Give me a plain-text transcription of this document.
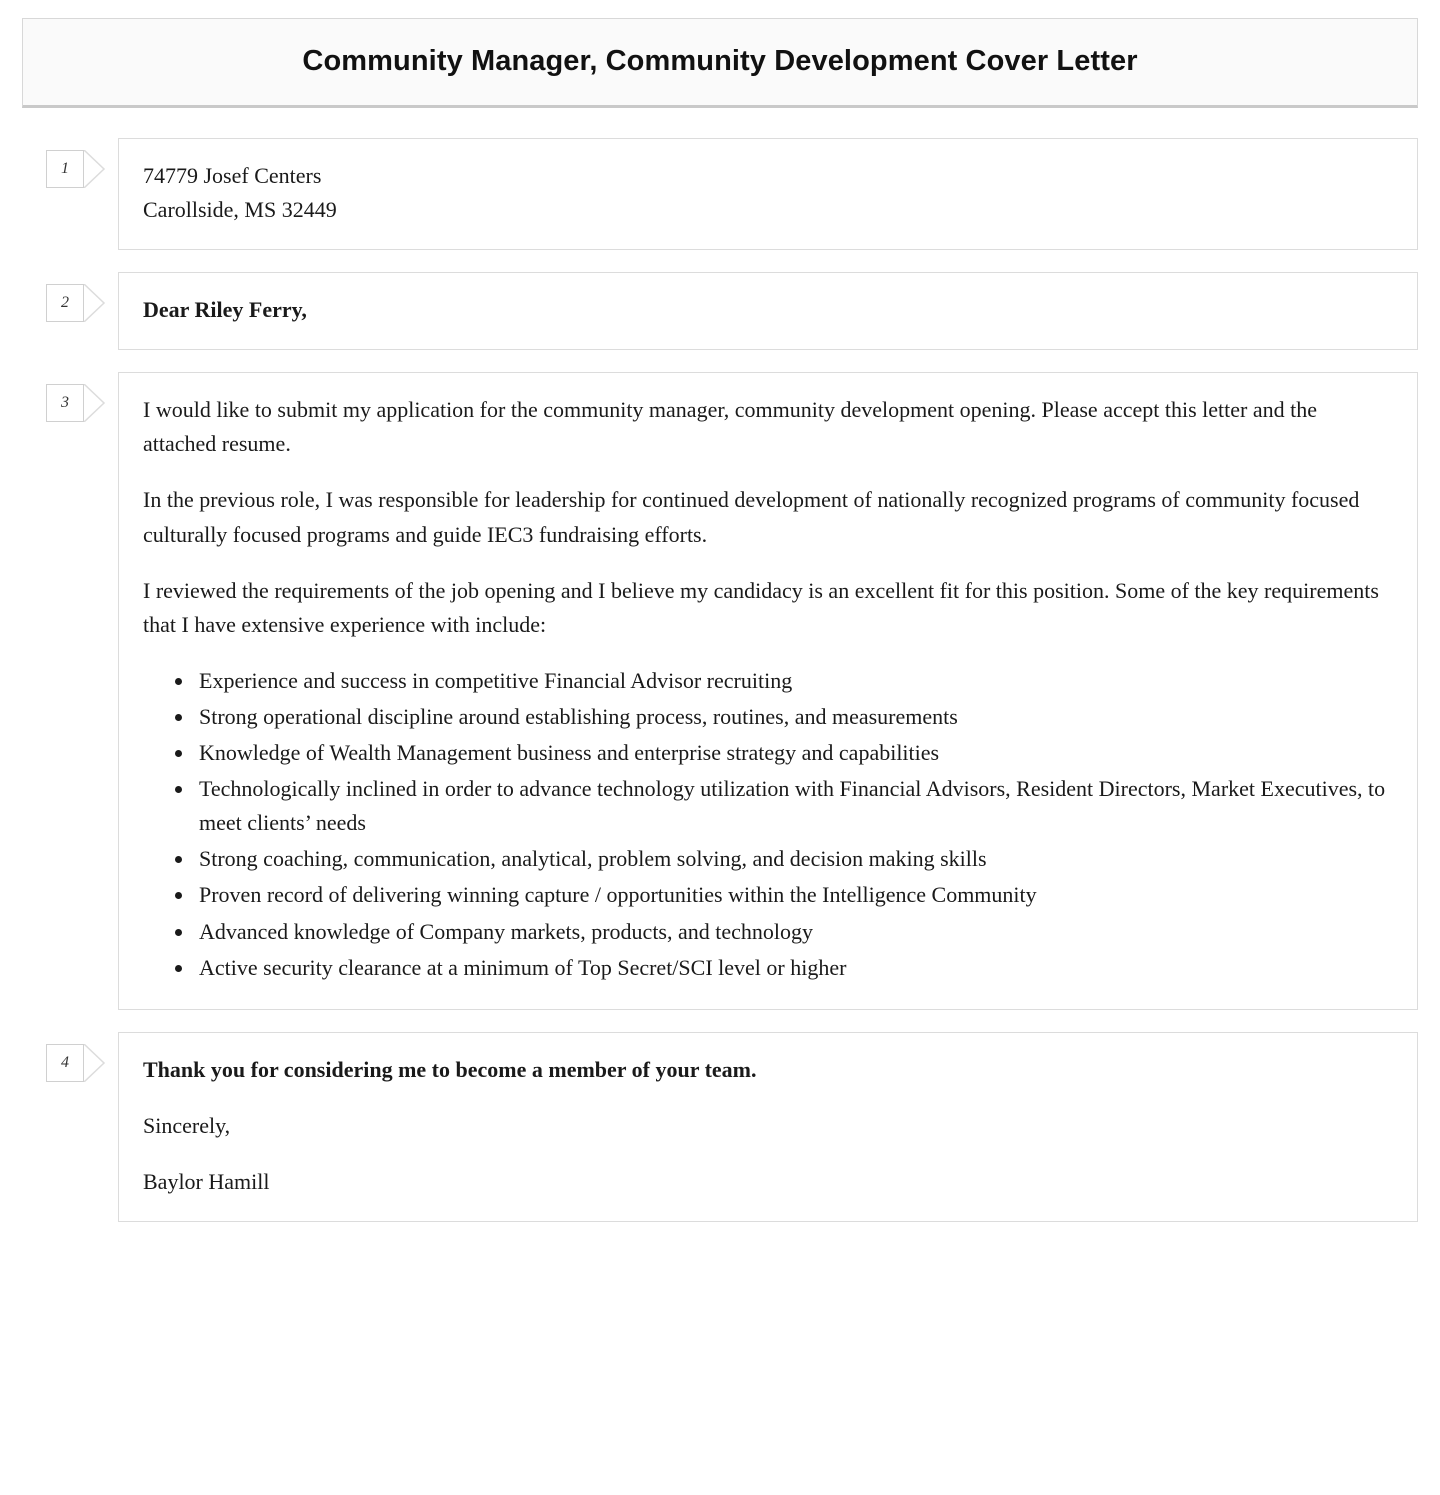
Community Manager, Community Development Cover Letter
1	74779 Josef Centers

Carollside, MS 32449

2	Dear Riley Ferry,

3	I would like to submit my application for the community manager, community development opening. Please accept this letter and the attached resume.

In the previous role, I was responsible for leadership for continued development of nationally recognized programs of community focused culturally focused programs and guide IEC3 fundraising efforts.

I reviewed the requirements of the job opening and I believe my candidacy is an excellent fit for this position. Some of the key requirements that I have extensive experience with include:

• Experience and success in competitive Financial Advisor recruiting
• Strong operational discipline around establishing process, routines, and measurements
• Knowledge of Wealth Management business and enterprise strategy and capabilities
• Technologically inclined in order to advance technology utilization with Financial Advisors, Resident Directors, Market Executives, to meet clients’ needs
• Strong coaching, communication, analytical, problem solving, and decision making skills
• Proven record of delivering winning capture / opportunities within the Intelligence Community
• Advanced knowledge of Company markets, products, and technology
• Active security clearance at a minimum of Top Secret/SCI level or higher
4	Thank you for considering me to become a member of your team.

Sincerely,

Baylor Hamill
